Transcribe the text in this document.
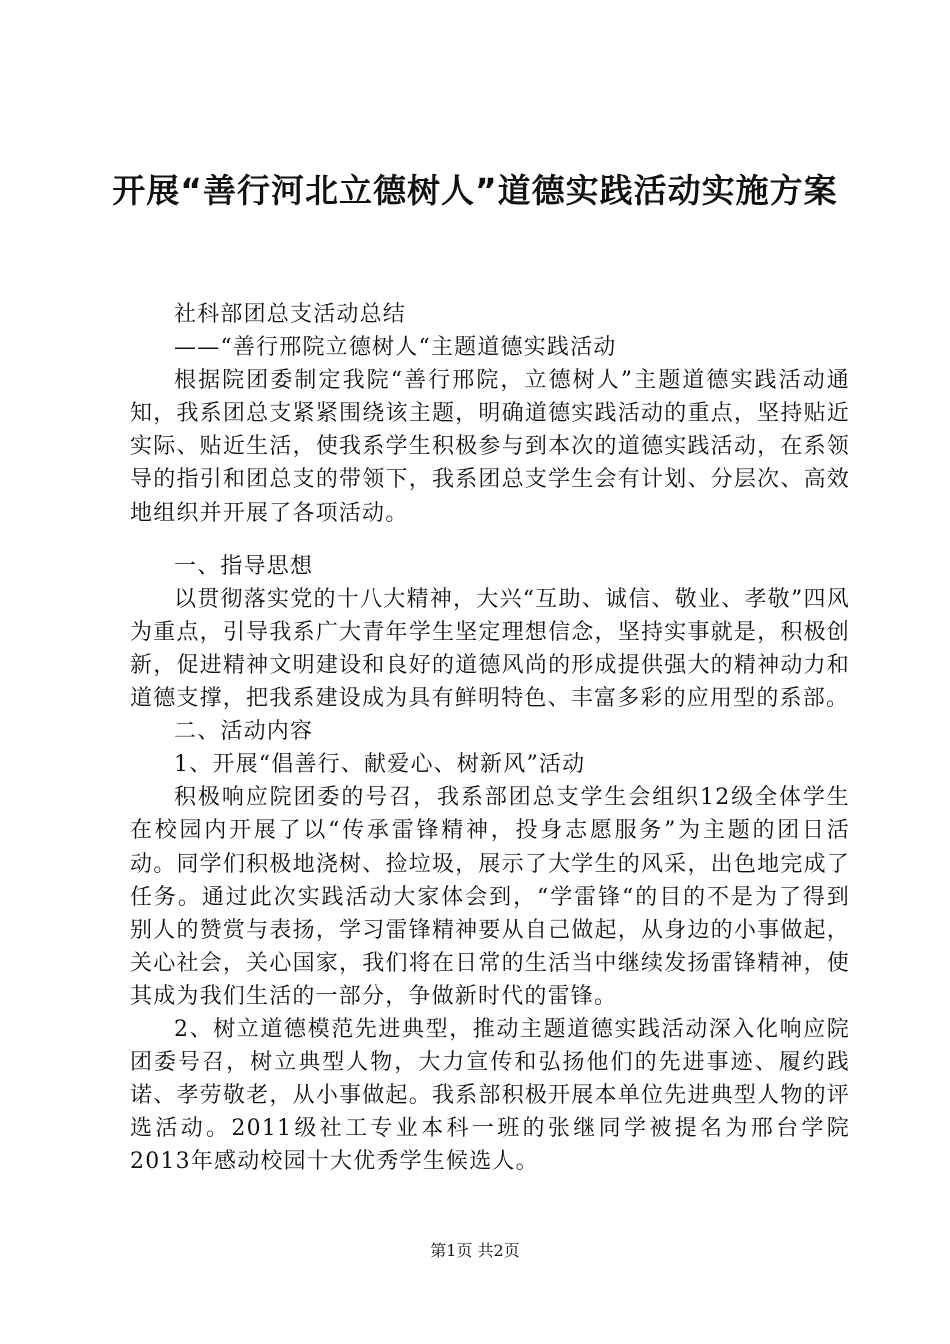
开展“善行河北立德树人”道德实践活动实施方案

社科部团总支活动总结

——“善行邢院立德树人“主题道德实践活动

根据院团委制定我院“善行邢院，立德树人”主题道德实践活动通知，我系团总支紧紧围绕该主题，明确道德实践活动的重点，坚持贴近实际、贴近生活，使我系学生积极参与到本次的道德实践活动，在系领导的指引和团总支的带领下，我系团总支学生会有计划、分层次、高效地组织并开展了各项活动。

一、指导思想

以贯彻落实党的十八大精神，大兴“互助、诚信、敬业、孝敬”四风为重点，引导我系广大青年学生坚定理想信念，坚持实事就是，积极创新，促进精神文明建设和良好的道德风尚的形成提供强大的精神动力和道德支撑，把我系建设成为具有鲜明特色、丰富多彩的应用型的系部。

二、活动内容

1、开展“倡善行、献爱心、树新风”活动

积极响应院团委的号召，我系部团总支学生会组织12级全体学生在校园内开展了以“传承雷锋精神，投身志愿服务”为主题的团日活动。同学们积极地浇树、捡垃圾，展示了大学生的风采，出色地完成了任务。通过此次实践活动大家体会到，“学雷锋“的目的不是为了得到别人的赞赏与表扬，学习雷锋精神要从自己做起，从身边的小事做起，关心社会，关心国家，我们将在日常的生活当中继续发扬雷锋精神，使其成为我们生活的一部分，争做新时代的雷锋。

2、树立道德模范先进典型，推动主题道德实践活动深入化响应院团委号召，树立典型人物，大力宣传和弘扬他们的先进事迹、履约践诺、孝劳敬老，从小事做起。我系部积极开展本单位先进典型人物的评选活动。2011级社工专业本科一班的张继同学被提名为邢台学院2013年感动校园十大优秀学生候选人。

第1页 共2页
